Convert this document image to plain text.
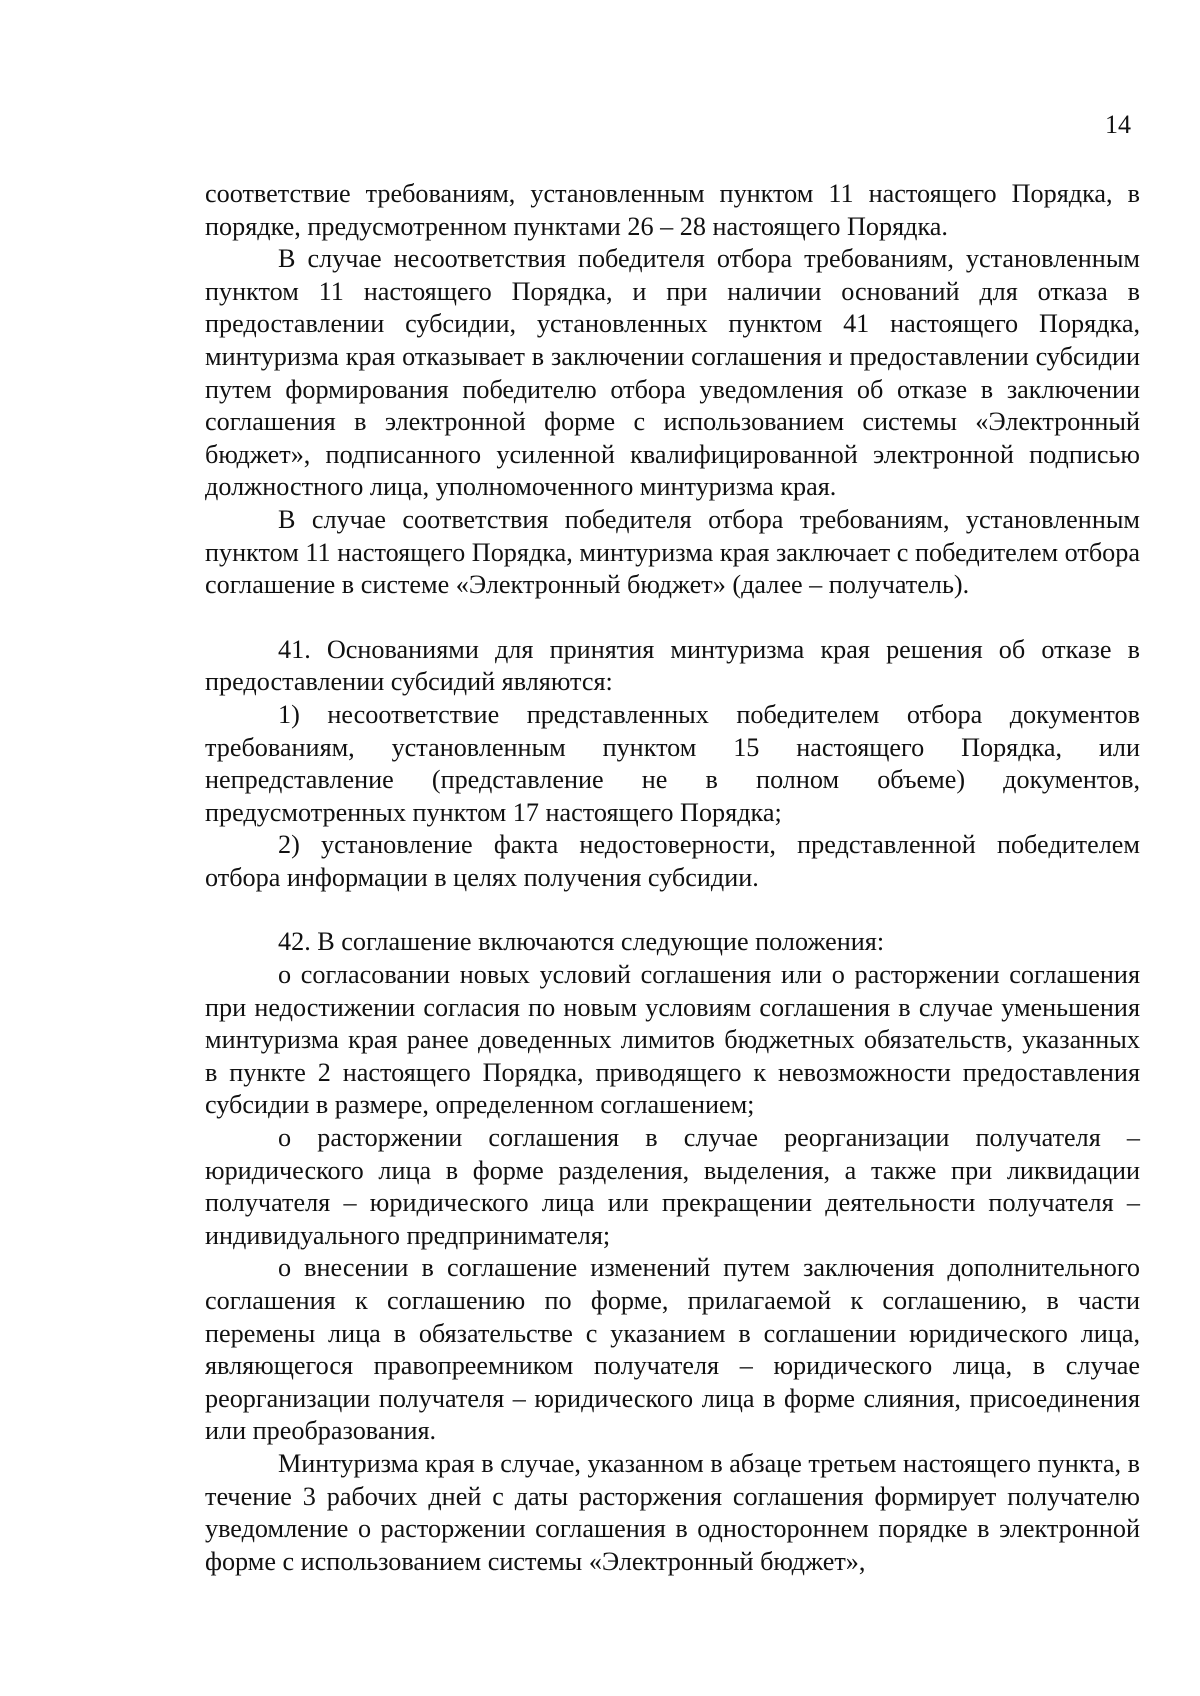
14

соответствие требованиям, установленным пунктом 11 настоящего Порядка, в порядке, предусмотренном пунктами 26 – 28 настоящего Порядка.

В случае несоответствия победителя отбора требованиям, установленным пунктом 11 настоящего Порядка, и при наличии оснований для отказа в предоставлении субсидии, установленных пунктом 41 настоящего Порядка, минтуризма края отказывает в заключении соглашения и предоставлении субсидии путем формирования победителю отбора уведомления об отказе в заключении соглашения в электронной форме с использованием системы «Электронный бюджет», подписанного усиленной квалифицированной электронной подписью должностного лица, уполномоченного минтуризма края.

В случае соответствия победителя отбора требованиям, установленным пунктом 11 настоящего Порядка, минтуризма края заключает с победителем отбора соглашение в системе «Электронный бюджет» (далее – получатель).

41. Основаниями для принятия минтуризма края решения об отказе в предоставлении субсидий являются:

1) несоответствие представленных победителем отбора документов требованиям, установленным пунктом 15 настоящего Порядка, или непредставление (представление не в полном объеме) документов, предусмотренных пунктом 17 настоящего Порядка;

2) установление факта недостоверности, представленной победителем отбора информации в целях получения субсидии.

42. В соглашение включаются следующие положения:

о согласовании новых условий соглашения или о расторжении соглашения при недостижении согласия по новым условиям соглашения в случае уменьшения минтуризма края ранее доведенных лимитов бюджетных обязательств, указанных в пункте 2 настоящего Порядка, приводящего к невозможности предоставления субсидии в размере, определенном соглашением;

о расторжении соглашения в случае реорганизации получателя – юридического лица в форме разделения, выделения, а также при ликвидации получателя – юридического лица или прекращении деятельности получателя – индивидуального предпринимателя;

о внесении в соглашение изменений путем заключения дополнительного соглашения к соглашению по форме, прилагаемой к соглашению, в части перемены лица в обязательстве с указанием в соглашении юридического лица, являющегося правопреемником получателя – юридического лица, в случае реорганизации получателя – юридического лица в форме слияния, присоединения или преобразования.

Минтуризма края в случае, указанном в абзаце третьем настоящего пункта, в течение 3 рабочих дней с даты расторжения соглашения формирует получателю уведомление о расторжении соглашения в одностороннем порядке в электронной форме с использованием системы «Электронный бюджет»,
